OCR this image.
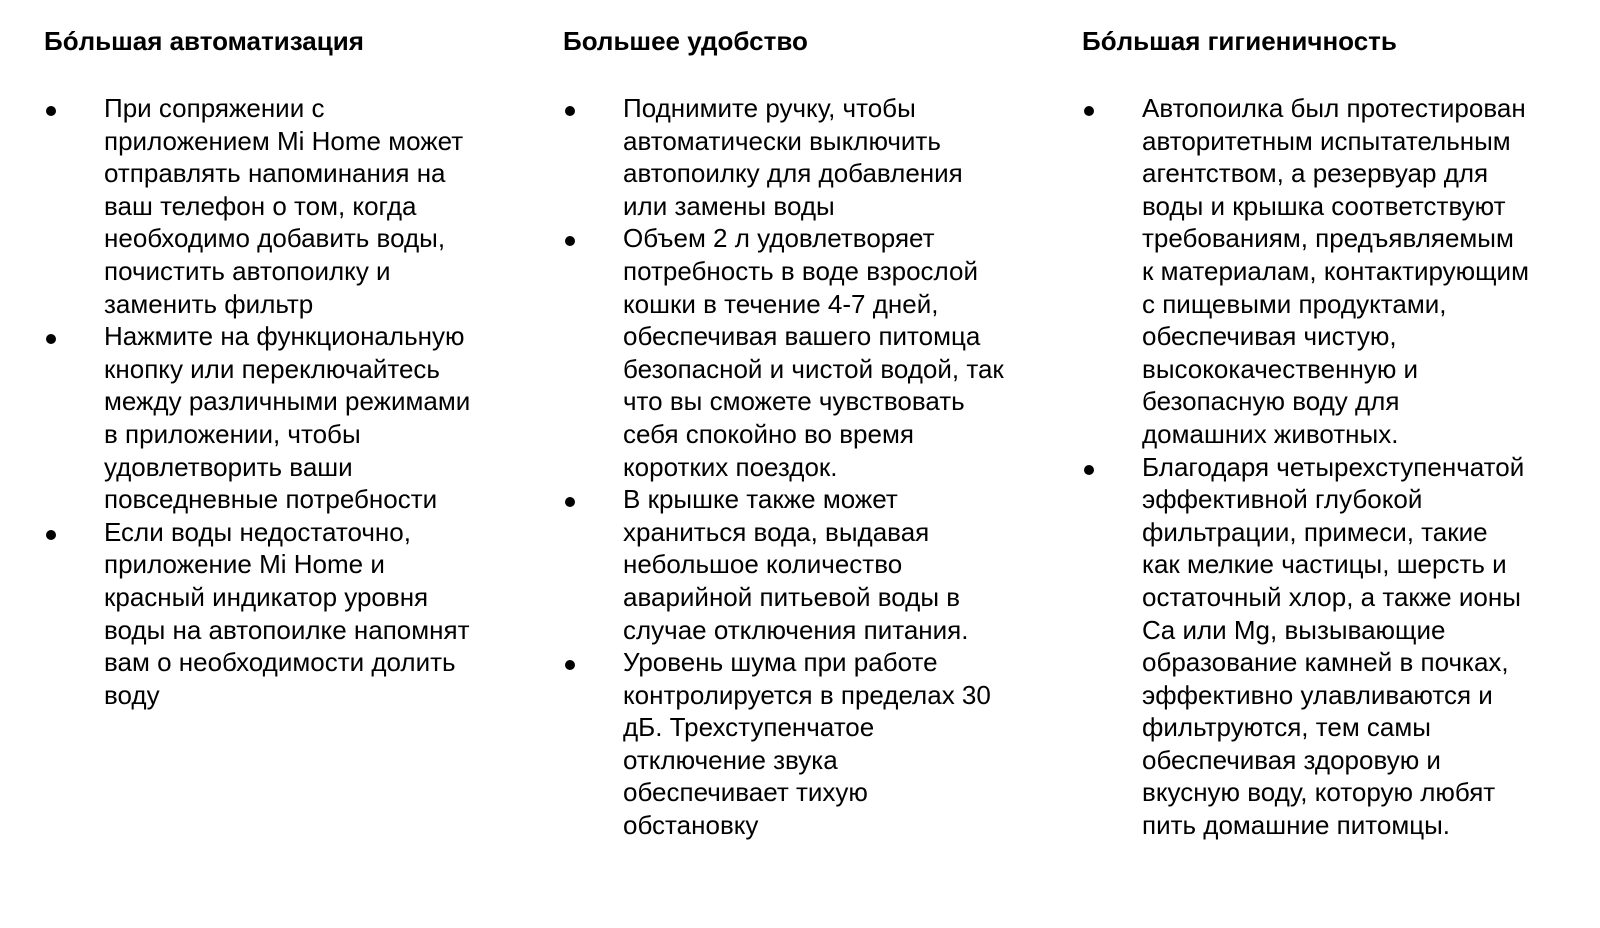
Бóльшая автоматизация
При сопряжении с
приложением Mi Home может
отправлять напоминания на
ваш телефон о том, когда
необходимо добавить воды,
почистить автопоилку и
заменить фильтр
Нажмите на функциональную
кнопку или переключайтесь
между различными режимами
в приложении, чтобы
удовлетворить ваши
повседневные потребности
Если воды недостаточно,
приложение Mi Home и
красный индикатор уровня
воды на автопоилке напомнят
вам о необходимости долить
воду
Большее удобство
Поднимите ручку, чтобы
автоматически выключить
автопоилку для добавления
или замены воды
Объем 2 л удовлетворяет
потребность в воде взрослой
кошки в течение 4-7 дней,
обеспечивая вашего питомца
безопасной и чистой водой, так
что вы сможете чувствовать
себя спокойно во время
коротких поездок.
В крышке также может
храниться вода, выдавая
небольшое количество
аварийной питьевой воды в
случае отключения питания.
Уровень шума при работе
контролируется в пределах 30
дБ. Трехступенчатое
отключение звука
обеспечивает тихую
обстановку
Бóльшая гигиеничность
Автопоилка был протестирован
авторитетным испытательным
агентством, а резервуар для
воды и крышка соответствуют
требованиям, предъявляемым
к материалам, контактирующим
с пищевыми продуктами,
обеспечивая чистую,
высококачественную и
безопасную воду для
домашних животных.
Благодаря четырехступенчатой
эффективной глубокой
фильтрации, примеси, такие
как мелкие частицы, шерсть и
остаточный хлор, а также ионы
Ca или Mg, вызывающие
образование камней в почках,
эффективно улавливаются и
фильтруются, тем самы
обеспечивая здоровую и
вкусную воду, которую любят
пить домашние питомцы.
